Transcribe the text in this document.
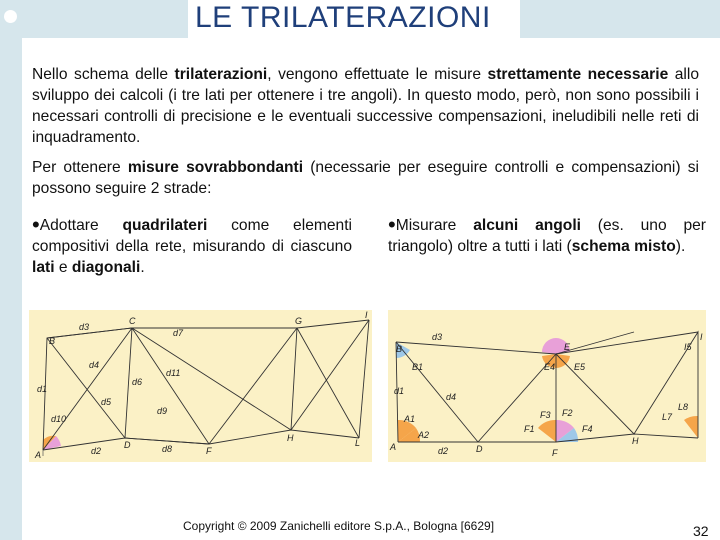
LE TRILATERAZIONI
Nello schema delle trilaterazioni, vengono effettuate le misure strettamente necessarie allo sviluppo dei calcoli (i tre lati per ottenere i tre angoli). In questo modo, però, non sono possibili i necessari controlli di precisione e le eventuali successive compensazioni, ineludibili nelle reti di inquadramento.
Per ottenere misure sovrabbondanti (necessarie per eseguire controlli e compensazioni) si possono seguire 2 strade:
•Adottare quadrilateri come elementi compositivi della rete, misurando di ciascuno lati e diagonali.
•Misurare alcuni angoli (es. uno per triangolo) oltre a tutti i lati (schema misto).
B
C	G
I
A
D
F
H	L
d1
d2
d3
d4
d5
d6
d7
d8
d9
d10
d11
B	E
A	D	F
H
I
B1	E4 E5
A1
A2
F1
F3 F2
F4
L7
L8
I5
d1
d2
d3
d4
Copyright © 2009 Zanichelli editore S.p.A., Bologna [6629]	32
